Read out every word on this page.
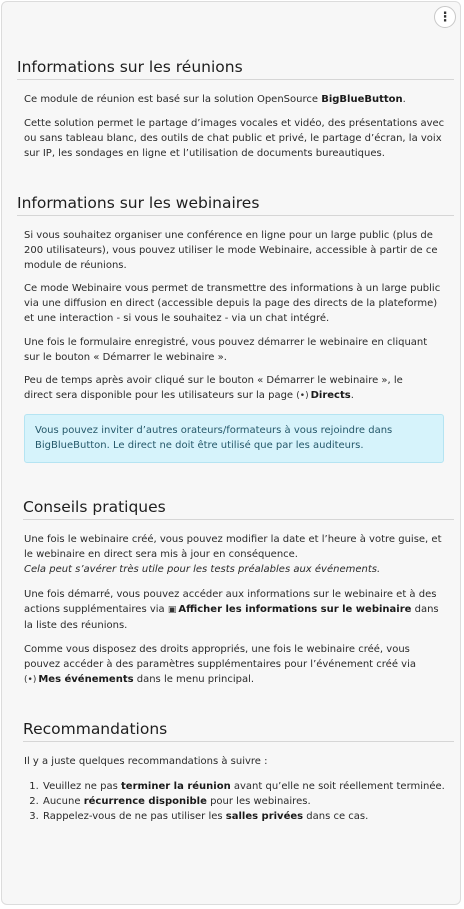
⋮
Informations sur les réunions

Ce module de réunion est basé sur la solution OpenSource BigBlueButton.

Cette solution permet le partage d’images vocales et vidéo, des présentations avec ou sans tableau blanc, des outils de chat public et privé, le partage d’écran, la voix sur IP, les sondages en ligne et l’utilisation de documents bureautiques.

Informations sur les webinaires

Si vous souhaitez organiser une conférence en ligne pour un large public (plus de 200 utilisateurs), vous pouvez utiliser le mode Webinaire, accessible à partir de ce module de réunions.

Ce mode Webinaire vous permet de transmettre des informations à un large public via une diffusion en direct (accessible depuis la page des directs de la plateforme) et une interaction - si vous le souhaitez - via un chat intégré.

Une fois le formulaire enregistré, vous pouvez démarrer le webinaire en cliquant sur le bouton « Démarrer le webinaire ».

Peu de temps après avoir cliqué sur le bouton « Démarrer le webinaire », le direct sera disponible pour les utilisateurs sur la page (•) Directs.

Vous pouvez inviter d’autres orateurs/formateurs à vous rejoindre dans BigBlueButton. Le direct ne doit être utilisé que par les auditeurs.
Conseils pratiques

Une fois le webinaire créé, vous pouvez modifier la date et l’heure à votre guise, et le webinaire en direct sera mis à jour en conséquence.
Cela peut s’avérer très utile pour les tests préalables aux événements.

Une fois démarré, vous pouvez accéder aux informations sur le webinaire et à des actions supplémentaires via ▣ Afficher les informations sur le webinaire dans la liste des réunions.

Comme vous disposez des droits appropriés, une fois le webinaire créé, vous pouvez accéder à des paramètres supplémentaires pour l’événement créé via (•) Mes événements dans le menu principal.

Recommandations

Il y a juste quelques recommandations à suivre :

1. Veuillez ne pas terminer la réunion avant qu’elle ne soit réellement terminée.
2. Aucune récurrence disponible pour les webinaires.
3. Rappelez-vous de ne pas utiliser les salles privées dans ce cas.
